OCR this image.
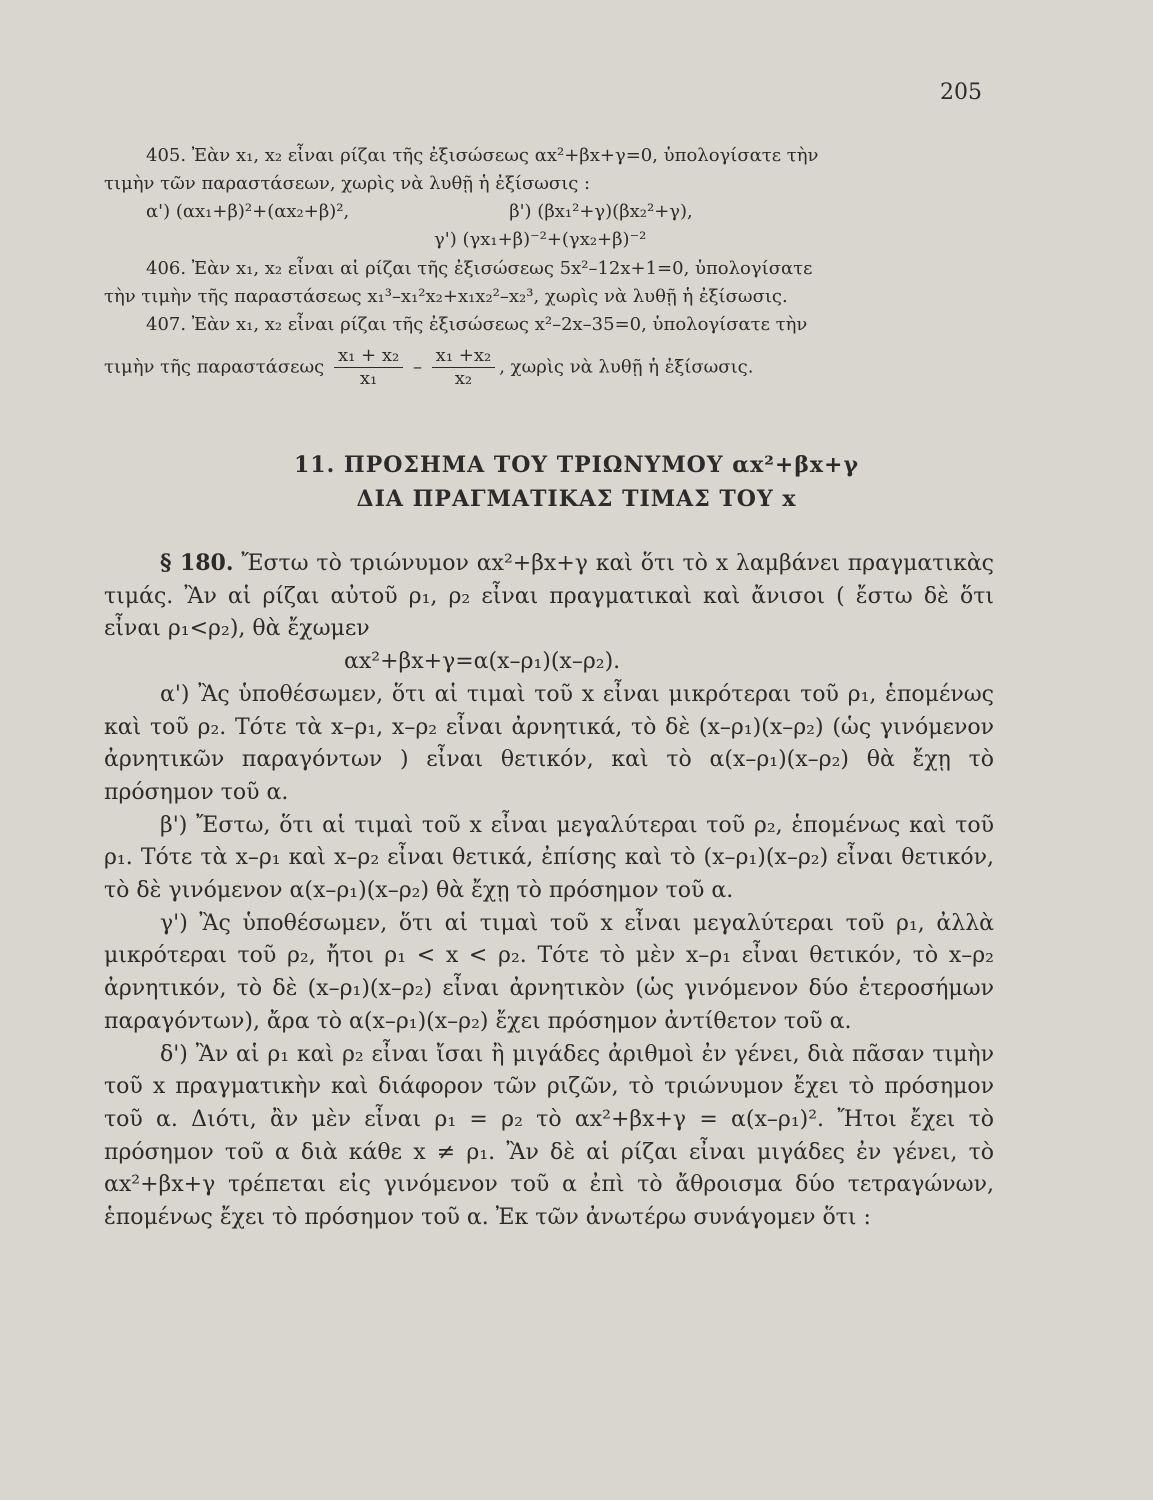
205

405. Ἐὰν x₁, x₂ εἶναι ρίζαι τῆς ἐξισώσεως αx²+βx+γ=0, ὑπολογίσατε τὴν

τιμὴν τῶν παραστάσεων, χωρὶς νὰ λυθῇ ἡ ἐξίσωσις :

α') (αx₁+β)²+(αx₂+β)²,	β') (βx₁²+γ)(βx₂²+γ),

γ') (γx₁+β)⁻²+(γx₂+β)⁻²

406. Ἐὰν x₁, x₂ εἶναι αἱ ρίζαι τῆς ἐξισώσεως 5x²–12x+1=0, ὑπολογίσατε

τὴν τιμὴν τῆς παραστάσεως x₁³–x₁²x₂+x₁x₂²–x₂³, χωρὶς νὰ λυθῇ ἡ ἐξίσωσις.

407. Ἐὰν x₁, x₂ εἶναι ρίζαι τῆς ἐξισώσεως x²–2x–35=0, ὑπολογίσατε τὴν

τιμὴν τῆς παραστάσεως $\frac{\text{x₁ + x₂}}{\text{x₁}} - \frac{\text{x₁ +x₂}}{\text{x₂}}$ , χωρὶς νὰ λυθῇ ἡ ἐξίσωσις.

11. ΠΡΟΣΗΜΑ ΤΟΥ ΤΡΙΩΝΥΜΟΥ αx²+βx+γ
ΔΙΑ ΠΡΑΓΜΑΤΙΚΑΣ ΤΙΜΑΣ ΤΟΥ x

§ 180. Ἔστω τὸ τριώνυμον αx²+βx+γ καὶ ὅτι τὸ x λαμβάνει πραγματικὰς τιμάς. Ἂν αἱ ρίζαι αὐτοῦ ρ₁, ρ₂ εἶναι πραγματικαὶ καὶ ἄνισοι ( ἔστω δὲ ὅτι εἶναι ρ₁<ρ₂), θὰ ἔχωμεν

αx²+βx+γ=α(x–ρ₁)(x–ρ₂).

α') Ἂς ὑποθέσωμεν, ὅτι αἱ τιμαὶ τοῦ x εἶναι μικρότεραι τοῦ ρ₁, ἑπομένως καὶ τοῦ ρ₂. Τότε τὰ x–ρ₁, x–ρ₂ εἶναι ἀρνητικά, τὸ δὲ (x–ρ₁)(x–ρ₂) (ὡς γινόμενον ἀρνητικῶν παραγόντων ) εἶναι θετικόν, καὶ τὸ α(x–ρ₁)(x–ρ₂) θὰ ἔχῃ τὸ πρόσημον τοῦ α.

β') Ἔστω, ὅτι αἱ τιμαὶ τοῦ x εἶναι μεγαλύτεραι τοῦ ρ₂, ἑπομένως καὶ τοῦ ρ₁. Τότε τὰ x–ρ₁ καὶ x–ρ₂ εἶναι θετικά, ἐπίσης καὶ τὸ (x–ρ₁)(x–ρ₂) εἶναι θετικόν, τὸ δὲ γινόμενον α(x–ρ₁)(x–ρ₂) θὰ ἔχῃ τὸ πρόσημον τοῦ α.

γ') Ἂς ὑποθέσωμεν, ὅτι αἱ τιμαὶ τοῦ x εἶναι μεγαλύτεραι τοῦ ρ₁, ἀλλὰ μικρότεραι τοῦ ρ₂, ἤτοι ρ₁ < x < ρ₂. Τότε τὸ μὲν x–ρ₁ εἶναι θετικόν, τὸ x–ρ₂ ἀρνητικόν, τὸ δὲ (x–ρ₁)(x–ρ₂) εἶναι ἀρνητικὸν (ὡς γινόμενον δύο ἑτεροσήμων παραγόντων), ἄρα τὸ α(x–ρ₁)(x–ρ₂) ἔχει πρόσημον ἀντίθετον τοῦ α.

δ') Ἂν αἱ ρ₁ καὶ ρ₂ εἶναι ἴσαι ἢ μιγάδες ἀριθμοὶ ἐν γένει, διὰ πᾶσαν τιμὴν τοῦ x πραγματικὴν καὶ διάφορον τῶν ριζῶν, τὸ τριώνυμον ἔχει τὸ πρόσημον τοῦ α. Διότι, ἂν μὲν εἶναι ρ₁ = ρ₂ τὸ αx²+βx+γ = α(x–ρ₁)². Ἤτοι ἔχει τὸ πρόσημον τοῦ α διὰ κάθε x ≠ ρ₁. Ἂν δὲ αἱ ρίζαι εἶναι μιγάδες ἐν γένει, τὸ αx²+βx+γ τρέπεται εἰς γινόμενον τοῦ α ἐπὶ τὸ ἄθροισμα δύο τετραγώνων, ἑπομένως ἔχει τὸ πρόσημον τοῦ α. Ἐκ τῶν ἀνωτέρω συνάγομεν ὅτι :
